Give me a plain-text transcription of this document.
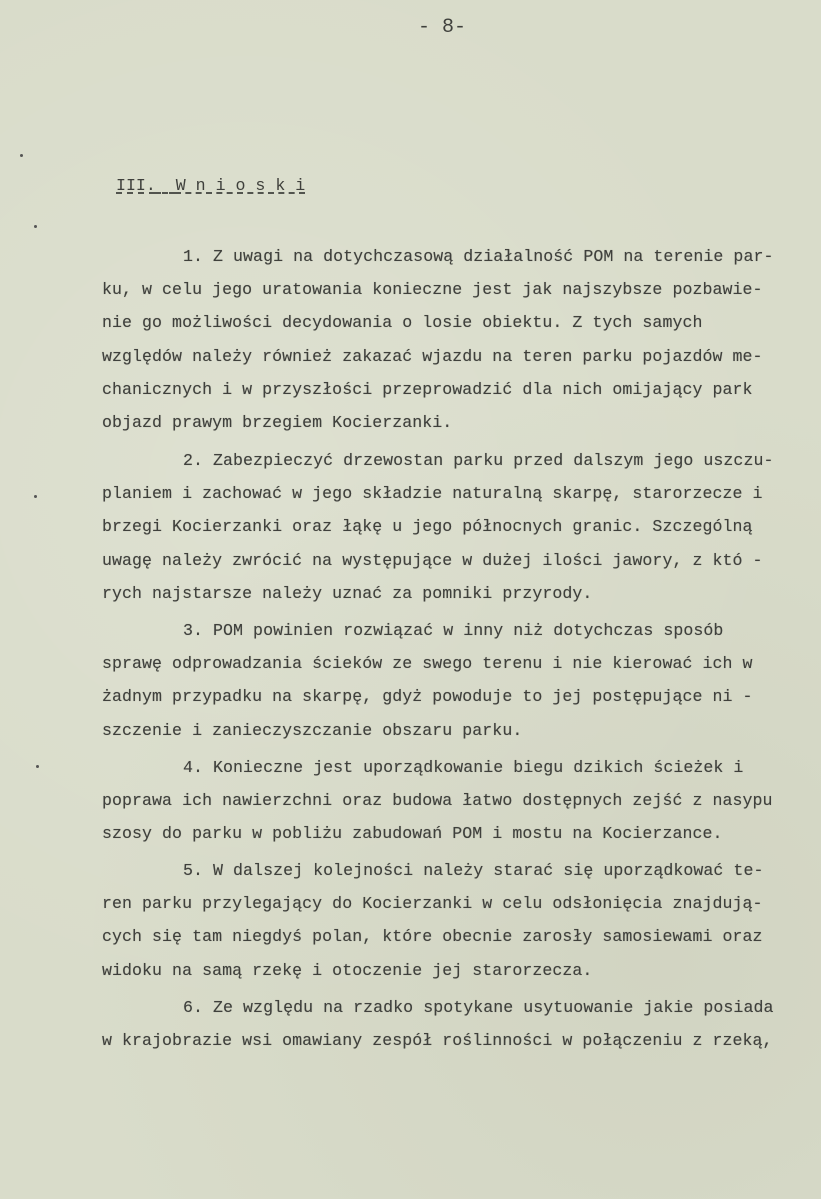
- 8-
III. W n i o s k i
1. Z uwagi na dotychczasową działalność POM na terenie par-
ku, w celu jego uratowania konieczne jest jak najszybsze pozbawie-
nie go możliwości decydowania o losie obiektu. Z tych samych
względów należy również zakazać wjazdu na teren parku pojazdów me-
chanicznych i w przyszłości przeprowadzić dla nich omijający park
objazd prawym brzegiem Kocierzanki.
2. Zabezpieczyć drzewostan parku przed dalszym jego uszczu-
planiem i zachować w jego składzie naturalną skarpę, starorzecze i
brzegi Kocierzanki oraz łąkę u jego północnych granic. Szczególną
uwagę należy zwrócić na występujące w dużej ilości jawory, z któ -
rych najstarsze należy uznać za pomniki przyrody.
3. POM powinien rozwiązać w inny niż dotychczas sposób
sprawę odprowadzania ścieków ze swego terenu i nie kierować ich w
żadnym przypadku na skarpę, gdyż powoduje to jej postępujące ni -
szczenie i zanieczyszczanie obszaru parku.
4. Konieczne jest uporządkowanie biegu dzikich ścieżek i
poprawa ich nawierzchni oraz budowa łatwo dostępnych zejść z nasypu
szosy do parku w pobliżu zabudowań POM i mostu na Kocierzance.
5. W dalszej kolejności należy starać się uporządkować te-
ren parku przylegający do Kocierzanki w celu odsłonięcia znajdują-
cych się tam niegdyś polan, które obecnie zarosły samosiewami oraz
widoku na samą rzekę i otoczenie jej starorzecza.
6. Ze względu na rzadko spotykane usytuowanie jakie posiada
w krajobrazie wsi omawiany zespół roślinności w połączeniu z rzeką,
